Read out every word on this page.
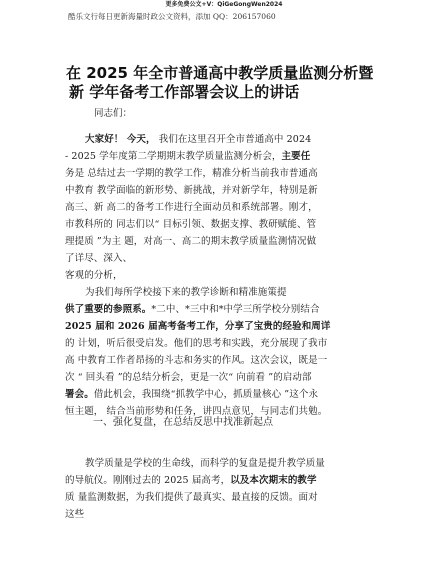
更多免费公文+V：QiGeGongWen2024
酷乐文行每日更新海量时政公文资料，添加 QQ：206157060
在 2025 年全市普通高中教学质量监测分析暨
新 学年备考工作部署会议上的讲话
同志们：
大家好！ 今天， 我们在这里召开全市普通高中 2024
- 2025 学年度第二学期期末教学质量监测分析会，主要任
务是 总结过去一学期的教学工作，精准分析当前我市普通高
中教育 教学面临的新形势、新挑战，并对新学年，特别是新
高三、新 高二的备考工作进行全面动员和系统部署。刚才，
市教科所的 同志们以“ 目标引领、数据支撑、教研赋能、管
理提质 ”为主 题，对高一、高二的期末教学质量监测情况做
了详尽、深入、
客观的分析，
为我们每所学校接下来的教学诊断和精准施策提
供了重要的参照系。*二中、*三中和*中学三所学校分别结合
2025 届和 2026 届高考备考工作，分享了宝贵的经验和周详
的 计划，听后很受启发。他们的思考和实践，充分展现了我市
高 中教育工作者昂扬的斗志和务实的作风。这次会议，既是一
次 “ 回头看 ”的总结分析会，更是一次“ 向前看 ”的启动部
署会。借此机会，我围绕“抓教学中心，抓质量核心 ”这个永
恒主题， 结合当前形势和任务，讲四点意见，与同志们共勉。
一、强化复盘，在总结反思中找准新起点
教学质量是学校的生命线，而科学的复盘是提升教学质量
的导航仪。刚刚过去的 2025 届高考，以及本次期末的教学
质 量监测数据，为我们提供了最真实、最直接的反馈。面对
这些
